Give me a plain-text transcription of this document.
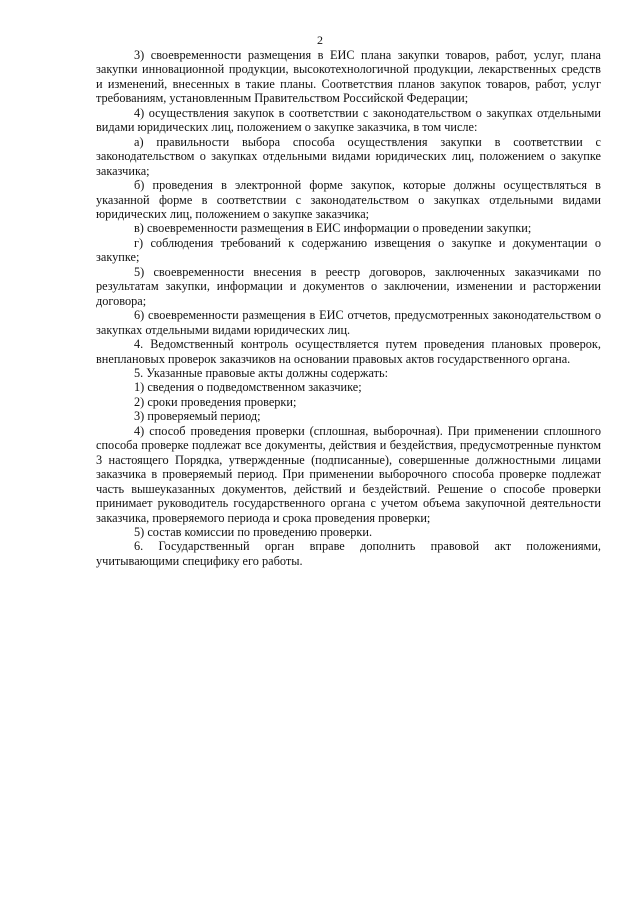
2

3) своевременности размещения в ЕИС плана закупки товаров, работ, услуг, плана закупки инновационной продукции, высокотехнологичной продукции, лекарственных средств и изменений, внесенных в такие планы. Соответствия планов закупок товаров, работ, услуг требованиям, установленным Правительством Российской Федерации;

4) осуществления закупок в соответствии с законодательством о закупках отдельными видами юридических лиц, положением о закупке заказчика, в том числе:

а) правильности выбора способа осуществления закупки в соответствии с законодательством о закупках отдельными видами юридических лиц, положением о закупке заказчика;

б) проведения в электронной форме закупок, которые должны осуществляться в указанной форме в соответствии с законодательством о закупках отдельными видами юридических лиц, положением о закупке заказчика;

в) своевременности размещения в ЕИС информации о проведении закупки;

г) соблюдения требований к содержанию извещения о закупке и документации о закупке;

5) своевременности внесения в реестр договоров, заключенных заказчиками по результатам закупки, информации и документов о заключении, изменении и расторжении договора;

6) своевременности размещения в ЕИС отчетов, предусмотренных законодательством о закупках отдельными видами юридических лиц.

4. Ведомственный контроль осуществляется путем проведения плановых проверок, внеплановых проверок заказчиков на основании правовых актов государственного органа.

5. Указанные правовые акты должны содержать:

1) сведения о подведомственном заказчике;

2) сроки проведения проверки;

3) проверяемый период;

4) способ проведения проверки (сплошная, выборочная). При применении сплошного способа проверке подлежат все документы, действия и бездействия, предусмотренные пунктом 3 настоящего Порядка, утвержденные (подписанные), совершенные должностными лицами заказчика в проверяемый период. При применении выборочного способа проверке подлежат часть вышеуказанных документов, действий и бездействий. Решение о способе проверки принимает руководитель государственного органа с учетом объема закупочной деятельности заказчика, проверяемого периода и срока проведения проверки;

5) состав комиссии по проведению проверки.

6. Государственный орган вправе дополнить правовой акт положениями, учитывающими специфику его работы.
